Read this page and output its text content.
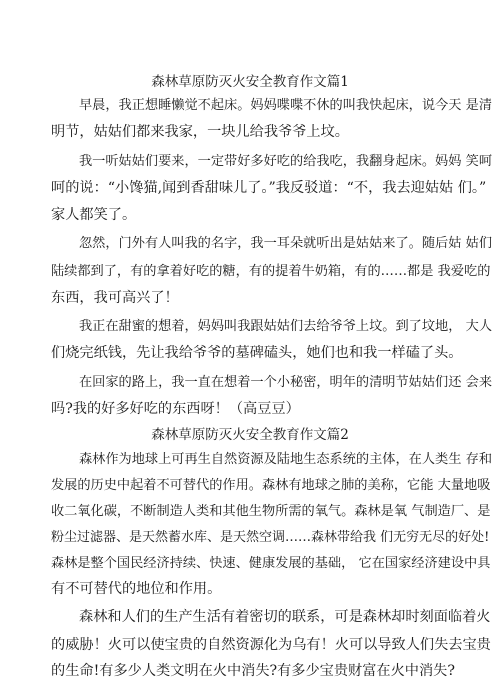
森林草原防灭火安全教育作文篇1
早晨，我正想睡懒觉不起床。妈妈喋喋不休的叫我快起床，说今天 是清
明节，姑姑们都来我家，一块儿给我爷爷上坟。
我一听姑姑们要来，一定带好多好吃的给我吃，我翻身起床。妈妈 笑呵
呵的说：“小馋猫,闻到香甜味儿了。”我反驳道：“不，我去迎姑姑 们。”
家人都笑了。
忽然，门外有人叫我的名字，我一耳朵就听出是姑姑来了。随后姑 姑们
陆续都到了，有的拿着好吃的糖，有的提着牛奶箱，有的……都是 我爱吃的
东西，我可高兴了！
我正在甜蜜的想着，妈妈叫我跟姑姑们去给爷爷上坟。到了坟地， 大人
们烧完纸钱，先让我给爷爷的墓碑磕头，她们也和我一样磕了头。
在回家的路上，我一直在想着一个小秘密，明年的清明节姑姑们还 会来
吗?我的好多好吃的东西呀！（高豆豆）
森林草原防灭火安全教育作文篇2
森林作为地球上可再生自然资源及陆地生态系统的主体，在人类生 存和
发展的历史中起着不可替代的作用。森林有地球之肺的美称，它能 大量地吸
收二氧化碳，不断制造人类和其他生物所需的氧气。森林是氧 气制造厂、是
粉尘过滤器、是天然蓄水库、是天然空调……森林带给我 们无穷无尽的好处!
森林是整个国民经济持续、快速、健康发展的基础， 它在国家经济建设中具
有不可替代的地位和作用。
森林和人们的生产生活有着密切的联系，可是森林却时刻面临着火
的威胁！火可以使宝贵的自然资源化为乌有！火可以导致人们失去宝贵
的生命!有多少人类文明在火中消失?有多少宝贵财富在火中消失?
